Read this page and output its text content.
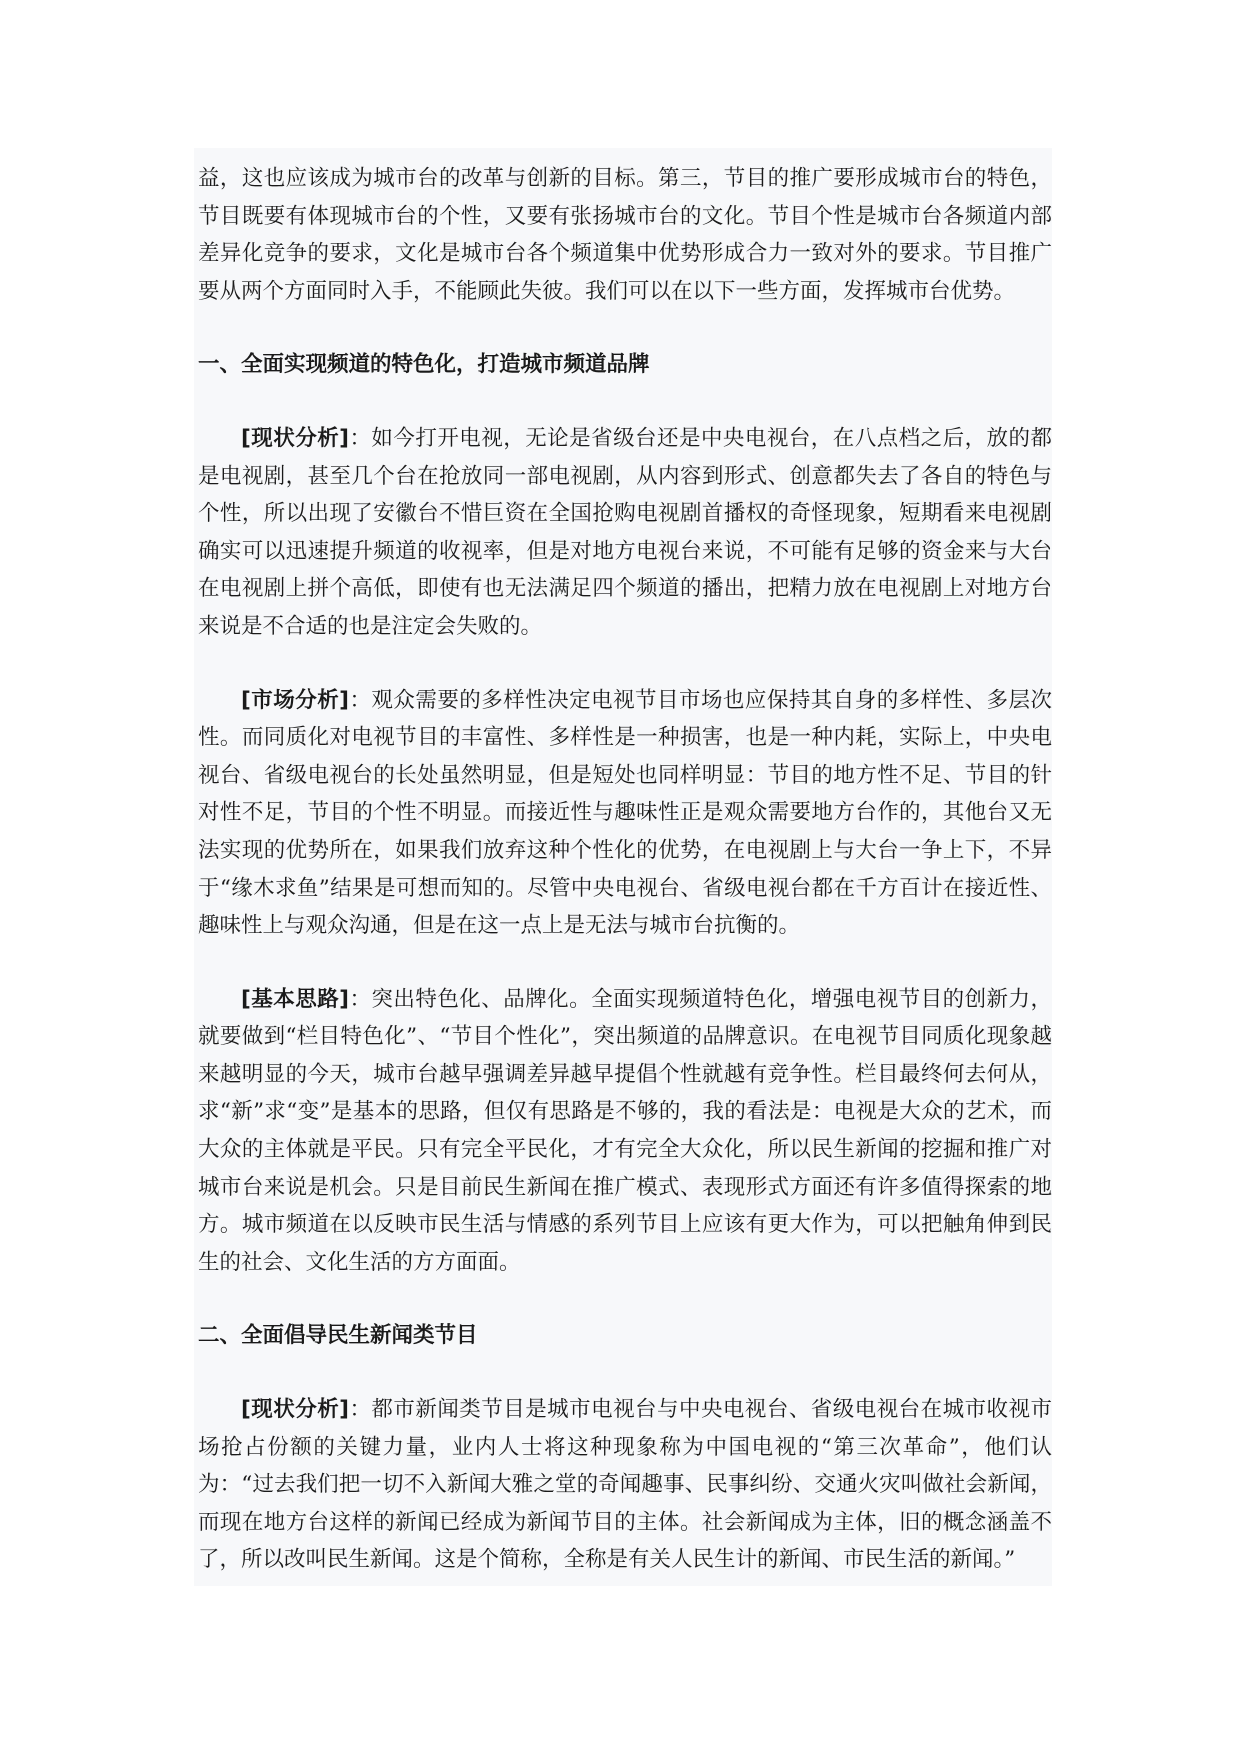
益，这也应该成为城市台的改革与创新的目标。第三，节目的推广要形成城市台的特色，节目既要有体现城市台的个性，又要有张扬城市台的文化。节目个性是城市台各频道内部差异化竞争的要求，文化是城市台各个频道集中优势形成合力一致对外的要求。节目推广要从两个方面同时入手，不能顾此失彼。我们可以在以下一些方面，发挥城市台优势。

一、全面实现频道的特色化，打造城市频道品牌

[现状分析]：如今打开电视，无论是省级台还是中央电视台，在八点档之后，放的都是电视剧，甚至几个台在抢放同一部电视剧，从内容到形式、创意都失去了各自的特色与个性，所以出现了安徽台不惜巨资在全国抢购电视剧首播权的奇怪现象，短期看来电视剧确实可以迅速提升频道的收视率，但是对地方电视台来说，不可能有足够的资金来与大台在电视剧上拼个高低，即使有也无法满足四个频道的播出，把精力放在电视剧上对地方台来说是不合适的也是注定会失败的。

[市场分析]：观众需要的多样性决定电视节目市场也应保持其自身的多样性、多层次性。而同质化对电视节目的丰富性、多样性是一种损害，也是一种内耗，实际上，中央电视台、省级电视台的长处虽然明显，但是短处也同样明显：节目的地方性不足、节目的针对性不足，节目的个性不明显。而接近性与趣味性正是观众需要地方台作的，其他台又无法实现的优势所在，如果我们放弃这种个性化的优势，在电视剧上与大台一争上下，不异于“缘木求鱼”结果是可想而知的。尽管中央电视台、省级电视台都在千方百计在接近性、趣味性上与观众沟通，但是在这一点上是无法与城市台抗衡的。

[基本思路]：突出特色化、品牌化。全面实现频道特色化，增强电视节目的创新力，就要做到“栏目特色化”、“节目个性化”，突出频道的品牌意识。在电视节目同质化现象越来越明显的今天，城市台越早强调差异越早提倡个性就越有竞争性。栏目最终何去何从，求“新”求“变”是基本的思路，但仅有思路是不够的，我的看法是：电视是大众的艺术，而大众的主体就是平民。只有完全平民化，才有完全大众化，所以民生新闻的挖掘和推广对城市台来说是机会。只是目前民生新闻在推广模式、表现形式方面还有许多值得探索的地方。城市频道在以反映市民生活与情感的系列节目上应该有更大作为，可以把触角伸到民生的社会、文化生活的方方面面。

二、全面倡导民生新闻类节目

[现状分析]：都市新闻类节目是城市电视台与中央电视台、省级电视台在城市收视市场抢占份额的关键力量，业内人士将这种现象称为中国电视的“第三次革命”，他们认为：“过去我们把一切不入新闻大雅之堂的奇闻趣事、民事纠纷、交通火灾叫做社会新闻，而现在地方台这样的新闻已经成为新闻节目的主体。社会新闻成为主体，旧的概念涵盖不了，所以改叫民生新闻。这是个简称，全称是有关人民生计的新闻、市民生活的新闻。”
